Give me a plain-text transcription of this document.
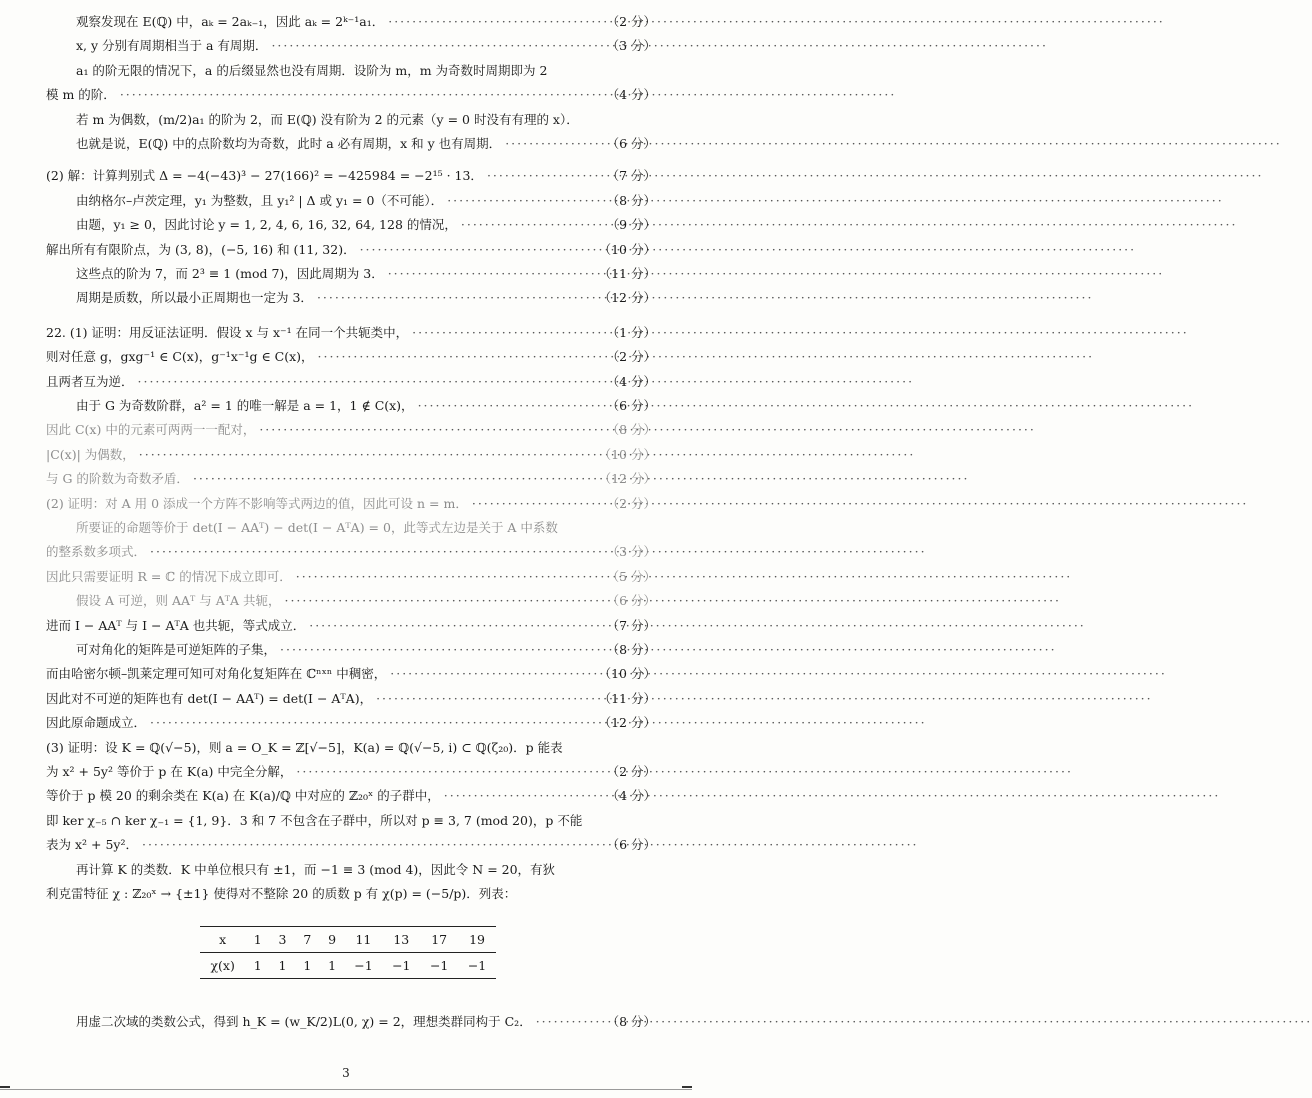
观察发现在 E(ℚ) 中，aₖ = 2aₖ₋₁，因此 aₖ = 2ᵏ⁻¹a₁． ·····	（2 分）
x, y 分别有周期相当于 a 有周期． ·····	（3 分）
a₁ 的阶无限的情况下，a 的后缀显然也没有周期．设阶为 m，m 为奇数时周期即为 2
模 m 的阶． ·····	（4 分）
若 m 为偶数，(m/2)a₁ 的阶为 2，而 E(ℚ) 没有阶为 2 的元素（y = 0 时没有有理的 x）．
也就是说，E(ℚ) 中的点阶数均为奇数，此时 a 必有周期，x 和 y 也有周期． ·····	（6 分）
(2) 解：计算判别式 Δ = −4(−43)³ − 27(166)² = −425984 = −2¹⁵ · 13． ·····	（7 分）
由纳格尔–卢茨定理，y₁ 为整数，且 y₁² | Δ 或 y₁ = 0（不可能）． ·····	（8 分）
由题，y₁ ≥ 0，因此讨论 y = 1, 2, 4, 6, 16, 32, 64, 128 的情况， ·····	（9 分）
解出所有有限阶点，为 (3, 8)，(−5, 16) 和 (11, 32)． ·····	（10 分）
这些点的阶为 7，而 2³ ≡ 1 (mod 7)，因此周期为 3． ·····	（11 分）
周期是质数，所以最小正周期也一定为 3． ·····	（12 分）
22. (1) 证明：用反证法证明．假设 x 与 x⁻¹ 在同一个共轭类中， ·····	（1 分）
则对任意 g，gxg⁻¹ ∈ C(x)，g⁻¹x⁻¹g ∈ C(x)， ·····	（2 分）
且两者互为逆． ·····	（4 分）
由于 G 为奇数阶群，a² = 1 的唯一解是 a = 1，1 ∉ C(x)， ·····	（6 分）
因此 C(x) 中的元素可两两一一配对， ·····	（8 分）
|C(x)| 为偶数， ·····	（10 分）
与 G 的阶数为奇数矛盾． ·····	（12 分）
(2) 证明：对 A 用 0 添成一个方阵不影响等式两边的值，因此可设 n = m． ·····	（2 分）
所要证的命题等价于 det(I − AAᵀ) − det(I − AᵀA) = 0，此等式左边是关于 A 中系数
的整系数多项式． ·····	（3 分）
因此只需要证明 R = ℂ 的情况下成立即可． ·····	（5 分）
假设 A 可逆，则 AAᵀ 与 AᵀA 共轭， ·····	（6 分）
进而 I − AAᵀ 与 I − AᵀA 也共轭，等式成立． ·····	（7 分）
可对角化的矩阵是可逆矩阵的子集， ·····	（8 分）
而由哈密尔顿–凯莱定理可知可对角化复矩阵在 ℂⁿˣⁿ 中稠密， ·····	（10 分）
因此对不可逆的矩阵也有 det(I − AAᵀ) = det(I − AᵀA)， ·····	（11 分）
因此原命题成立． ·····	（12 分）
(3) 证明：设 K = ℚ(√−5)，则 a = O_K = ℤ[√−5]，K(a) = ℚ(√−5, i) ⊂ ℚ(ζ₂₀)．p 能表
为 x² + 5y² 等价于 p 在 K(a) 中完全分解， ·····	（2 分）
等价于 p 模 20 的剩余类在 K(a) 在 K(a)/ℚ 中对应的 ℤ₂₀ˣ 的子群中， ·····	（4 分）
即 ker χ₋₅ ∩ ker χ₋₁ = {1, 9}．3 和 7 不包含在子群中，所以对 p ≡ 3, 7 (mod 20)，p 不能
表为 x² + 5y²． ·····	（6 分）
再计算 K 的类数．K 中单位根只有 ±1，而 −1 ≡ 3 (mod 4)，因此令 N = 20，有狄
利克雷特征 χ : ℤ₂₀ˣ → {±1} 使得对不整除 20 的质数 p 有 χ(p) = (−5/p)．列表：
x	1	3	7	9	11	13	17	19
χ(x)	1	1	1	1	−1	−1	−1	−1
用虚二次域的类数公式，得到 h_K = (w_K/2)L(0, χ) = 2，理想类群同构于 C₂． ·····	（8 分）
3
